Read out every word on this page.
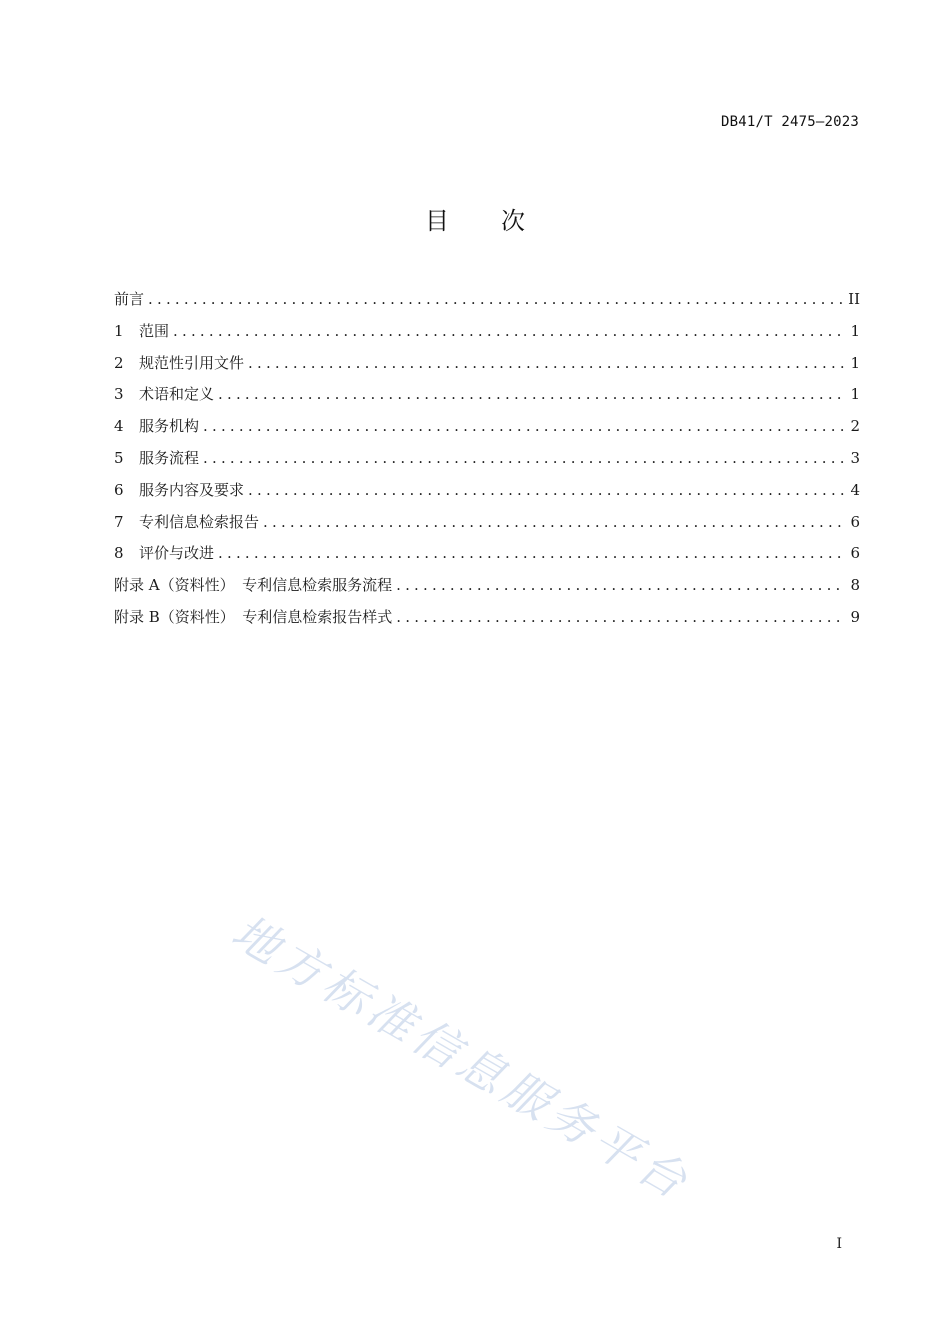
DB41/T 2475—2023
目 次
前言 .....	II
1	范围 .....	1
2	规范性引用文件 .....	1
3	术语和定义 .....	1
4	服务机构 .....	2
5	服务流程 .....	3
6	服务内容及要求 .....	4
7	专利信息检索报告 .....	6
8	评价与改进 .....	6
附录 A（资料性）　专利信息检索服务流程 .....	8
附录 B（资料性）　专利信息检索报告样式 .....	9
地方标准信息服务平台
I
